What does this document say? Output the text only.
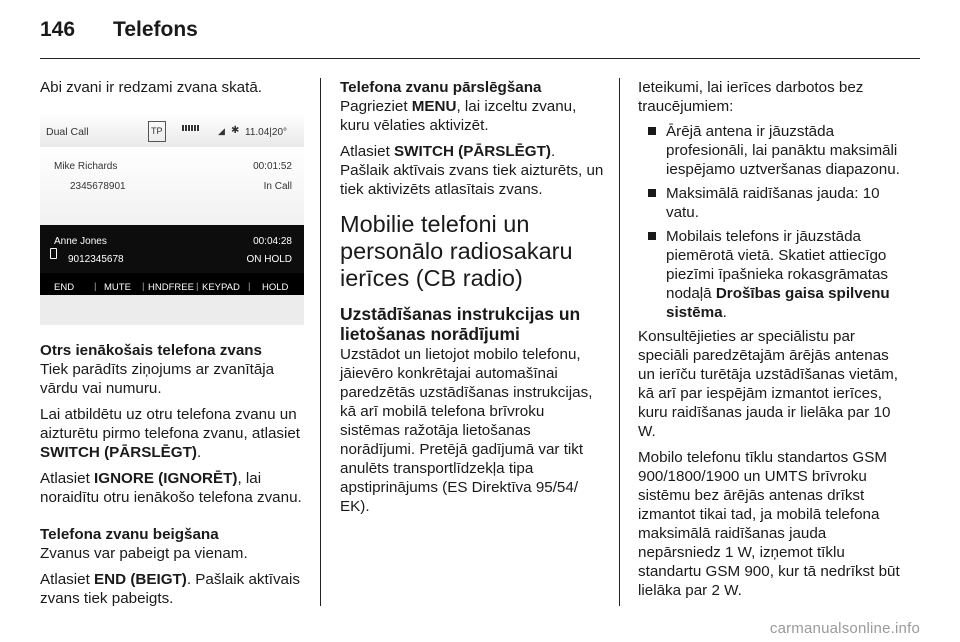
146 Telefons

Abi zvani ir redzami zvana skatā.

Dual Call	TP	◢ ✱ 11.04|20°
Mike Richards	00:01:52
2345678901	In Call
Anne Jones	00:04:28
9012345678	ON HOLD
END | MUTE | HNDFREE | KEYPAD | HOLD

Otrs ienākošais telefona zvans

Tiek parādīts ziņojums ar zvanītāja vārdu vai numuru.

Lai atbildētu uz otru telefona zvanu un aizturētu pirmo telefona zvanu, atlasiet SWITCH (PĀRSLĒGT).

Atlasiet IGNORE (IGNORĒT), lai noraidītu otru ienākošo telefona zvanu.

Telefona zvanu beigšana

Zvanus var pabeigt pa vienam.

Atlasiet END (BEIGT). Pašlaik aktīvais zvans tiek pabeigts.

Telefona zvanu pārslēgšana

Pagrieziet MENU, lai izceltu zvanu, kuru vēlaties aktivizēt.

Atlasiet SWITCH (PĀRSLĒGT). Pašlaik aktīvais zvans tiek aizturēts, un tiek aktivizēts atlasītais zvans.

Mobilie telefoni un personālo radiosakaru ierīces (CB radio)
Uzstādīšanas instrukcijas un lietošanas norādījumi

Uzstādot un lietojot mobilo telefonu, jāievēro konkrētajai automašīnai paredzētās uzstādīšanas instrukcijas, kā arī mobilā telefona brīvroku sistēmas ražotāja lietošanas norādījumi. Pretējā gadījumā var tikt anulēts transportlīdzekļa tipa apstiprinājums (ES Direktīva 95/54/ EK).

Ieteikumi, lai ierīces darbotos bez traucējumiem:

Ārējā antena ir jāuzstāda profesionāli, lai panāktu maksimāli iespējamo uztveršanas diapazonu.
Maksimālā raidīšanas jauda: 10 vatu.
Mobilais telefons ir jāuzstāda piemērotā vietā. Skatiet attiecīgo piezīmi īpašnieka rokasgrāmatas nodaļā Drošības gaisa spilvenu sistēma.

Konsultējieties ar speciālistu par speciāli paredzētajām ārējās antenas un ierīču turētāja uzstādīšanas vietām, kā arī par iespējām izmantot ierīces, kuru raidīšanas jauda ir lielāka par 10 W.

Mobilo telefonu tīklu standartos GSM 900/1800/1900 un UMTS brīvroku sistēmu bez ārējās antenas drīkst izmantot tikai tad, ja mobilā telefona maksimālā raidīšanas jauda nepārsniedz 1 W, izņemot tīklu standartu GSM 900, kur tā nedrīkst būt lielāka par 2 W.

carmanualsonline.info
